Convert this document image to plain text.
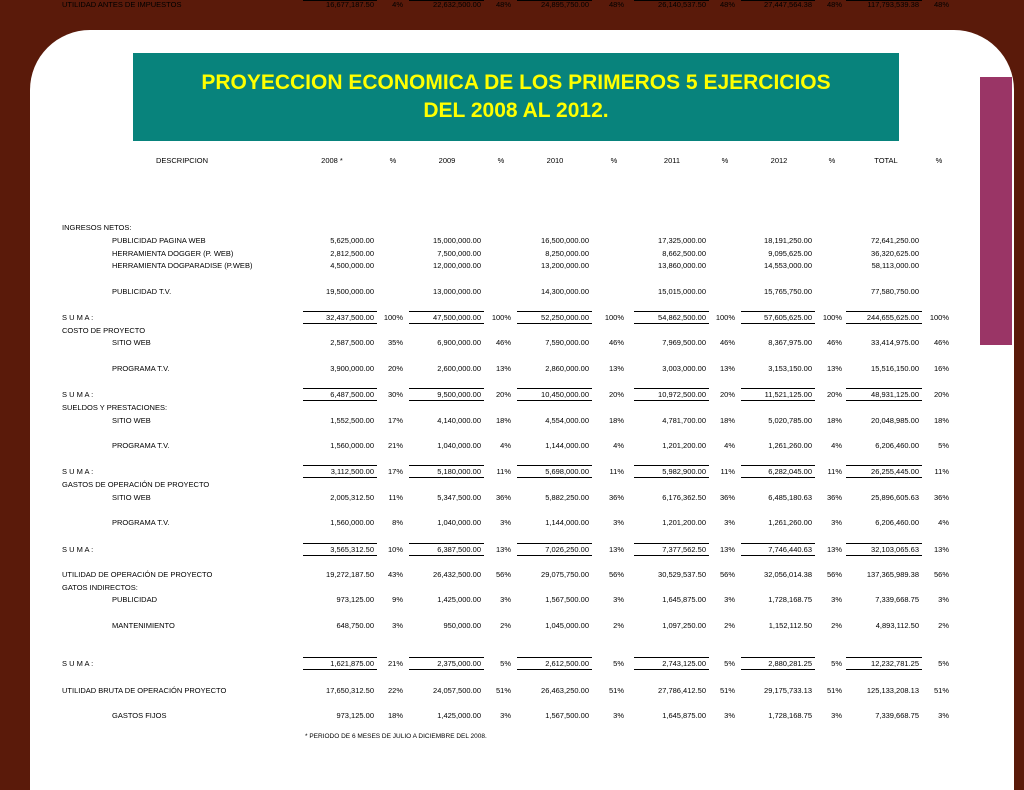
PROYECCION ECONOMICA DE LOS PRIMEROS 5 EJERCICIOS
DEL 2008 AL 2012.
DESCRIPCION	2008 *	%	2009	%	2010	%	2011	%	2012	%	TOTAL	%
INGRESOS NETOS:
PUBLICIDAD PAGINA WEB	5,625,000.00	15,000,000.00	16,500,000.00	17,325,000.00	18,191,250.00	72,641,250.00
HERRAMIENTA DOGGER (P. WEB)	2,812,500.00	7,500,000.00	8,250,000.00	8,662,500.00	9,095,625.00	36,320,625.00
HERRAMIENTA DOGPARADISE (P.WEB)	4,500,000.00	12,000,000.00	13,200,000.00	13,860,000.00	14,553,000.00	58,113,000.00
PUBLICIDAD T.V.	19,500,000.00	13,000,000.00	14,300,000.00	15,015,000.00	15,765,750.00	77,580,750.00
S U M A :	32,437,500.00	100%	47,500,000.00	100%	52,250,000.00	100%	54,862,500.00	100%	57,605,625.00	100%	244,655,625.00	100%
COSTO DE PROYECTO
SITIO WEB	2,587,500.00	35%	6,900,000.00	46%	7,590,000.00	46%	7,969,500.00	46%	8,367,975.00	46%	33,414,975.00	46%
PROGRAMA T.V.	3,900,000.00	20%	2,600,000.00	13%	2,860,000.00	13%	3,003,000.00	13%	3,153,150.00	13%	15,516,150.00	16%
S U M A :	6,487,500.00	30%	9,500,000.00	20%	10,450,000.00	20%	10,972,500.00	20%	11,521,125.00	20%	48,931,125.00	20%
SUELDOS Y PRESTACIONES:
SITIO WEB	1,552,500.00	17%	4,140,000.00	18%	4,554,000.00	18%	4,781,700.00	18%	5,020,785.00	18%	20,048,985.00	18%
PROGRAMA T.V.	1,560,000.00	21%	1,040,000.00	4%	1,144,000.00	4%	1,201,200.00	4%	1,261,260.00	4%	6,206,460.00	5%
S U M A :	3,112,500.00	17%	5,180,000.00	11%	5,698,000.00	11%	5,982,900.00	11%	6,282,045.00	11%	26,255,445.00	11%
GASTOS DE OPERACIÓN DE PROYECTO
SITIO WEB	2,005,312.50	11%	5,347,500.00	36%	5,882,250.00	36%	6,176,362.50	36%	6,485,180.63	36%	25,896,605.63	36%
PROGRAMA T.V.	1,560,000.00	8%	1,040,000.00	3%	1,144,000.00	3%	1,201,200.00	3%	1,261,260.00	3%	6,206,460.00	4%
S U M A :	3,565,312.50	10%	6,387,500.00	13%	7,026,250.00	13%	7,377,562.50	13%	7,746,440.63	13%	32,103,065.63	13%
UTILIDAD DE OPERACIÓN DE PROYECTO	19,272,187.50	43%	26,432,500.00	56%	29,075,750.00	56%	30,529,537.50	56%	32,056,014.38	56%	137,365,989.38	56%
GATOS INDIRECTOS:
PUBLICIDAD	973,125.00	9%	1,425,000.00	3%	1,567,500.00	3%	1,645,875.00	3%	1,728,168.75	3%	7,339,668.75	3%
MANTENIMIENTO	648,750.00	3%	950,000.00	2%	1,045,000.00	2%	1,097,250.00	2%	1,152,112.50	2%	4,893,112.50	2%
S U M A :	1,621,875.00	21%	2,375,000.00	5%	2,612,500.00	5%	2,743,125.00	5%	2,880,281.25	5%	12,232,781.25	5%
UTILIDAD BRUTA DE OPERACIÓN PROYECTO	17,650,312.50	22%	24,057,500.00	51%	26,463,250.00	51%	27,786,412.50	51%	29,175,733.13	51%	125,133,208.13	51%
GASTOS FIJOS	973,125.00	18%	1,425,000.00	3%	1,567,500.00	3%	1,645,875.00	3%	1,728,168.75	3%	7,339,668.75	3%
UTILIDAD ANTES DE IMPUESTOS	16,677,187.50	4%	22,632,500.00	48%	24,895,750.00	48%	26,140,537.50	48%	27,447,564.38	48%	117,793,539.38	48%
* PERIODO DE 6 MESES DE JULIO A DICIEMBRE DEL 2008.
